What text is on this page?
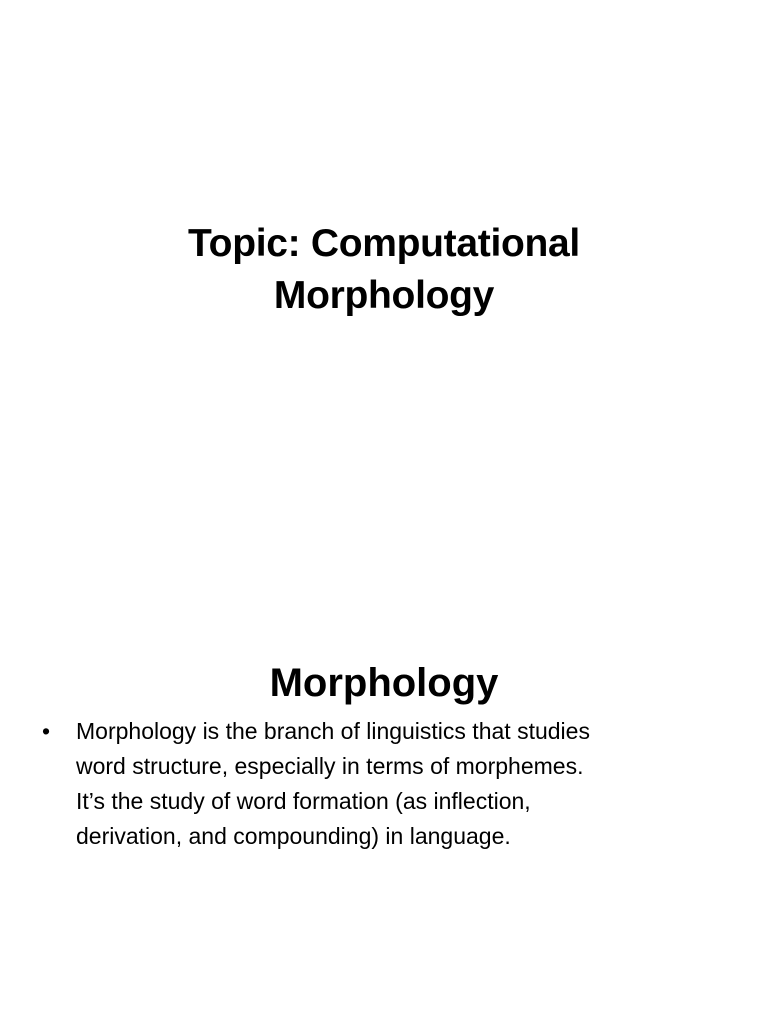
Topic: Computational
Morphology
Morphology
• Morphology is the branch of linguistics that studies
word structure, especially in terms of morphemes.
It’s the study of word formation (as inflection,
derivation, and compounding) in language.
